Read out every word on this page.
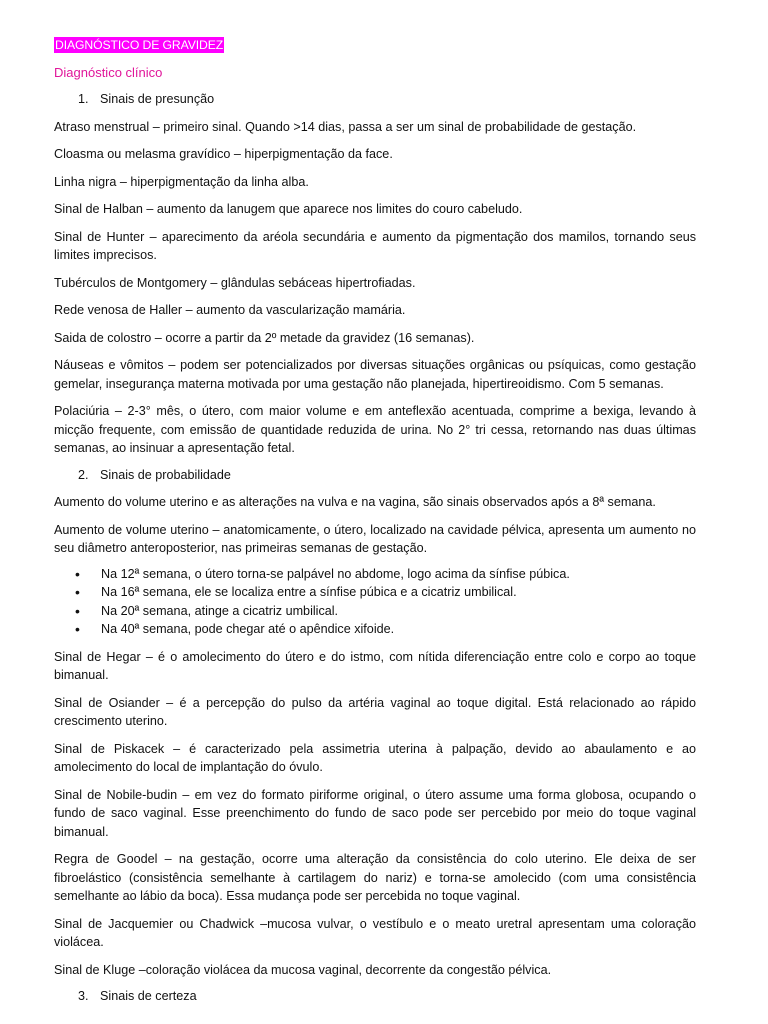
DIAGNÓSTICO DE GRAVIDEZ
Diagnóstico clínico
1. Sinais de presunção
Atraso menstrual – primeiro sinal. Quando >14 dias, passa a ser um sinal de probabilidade de gestação.
Cloasma ou melasma gravídico – hiperpigmentação da face.
Linha nigra – hiperpigmentação da linha alba.
Sinal de Halban – aumento da lanugem que aparece nos limites do couro cabeludo.
Sinal de Hunter – aparecimento da aréola secundária e aumento da pigmentação dos mamilos, tornando seus limites imprecisos.
Tubérculos de Montgomery – glândulas sebáceas hipertrofiadas.
Rede venosa de Haller – aumento da vascularização mamária.
Saida de colostro – ocorre a partir da 2º metade da gravidez (16 semanas).
Náuseas e vômitos – podem ser potencializados por diversas situações orgânicas ou psíquicas, como gestação gemelar, insegurança materna motivada por uma gestação não planejada, hipertireoidismo. Com 5 semanas.
Polaciúria – 2-3° mês, o útero, com maior volume e em anteflexão acentuada, comprime a bexiga, levando à micção frequente, com emissão de quantidade reduzida de urina. No 2° tri cessa, retornando nas duas últimas semanas, ao insinuar a apresentação fetal.
2. Sinais de probabilidade
Aumento do volume uterino e as alterações na vulva e na vagina, são sinais observados após a 8ª semana.
Aumento de volume uterino – anatomicamente, o útero, localizado na cavidade pélvica, apresenta um aumento no seu diâmetro anteroposterior, nas primeiras semanas de gestação.
• Na 12ª semana, o útero torna-se palpável no abdome, logo acima da sínfise púbica.
• Na 16ª semana, ele se localiza entre a sínfise púbica e a cicatriz umbilical.
• Na 20ª semana, atinge a cicatriz umbilical.
• Na 40ª semana, pode chegar até o apêndice xifoide.
Sinal de Hegar – é o amolecimento do útero e do istmo, com nítida diferenciação entre colo e corpo ao toque bimanual.
Sinal de Osiander – é a percepção do pulso da artéria vaginal ao toque digital. Está relacionado ao rápido crescimento uterino.
Sinal de Piskacek – é caracterizado pela assimetria uterina à palpação, devido ao abaulamento e ao amolecimento do local de implantação do óvulo.
Sinal de Nobile-budin – em vez do formato piriforme original, o útero assume uma forma globosa, ocupando o fundo de saco vaginal. Esse preenchimento do fundo de saco pode ser percebido por meio do toque vaginal bimanual.
Regra de Goodel – na gestação, ocorre uma alteração da consistência do colo uterino. Ele deixa de ser fibroelástico (consistência semelhante à cartilagem do nariz) e torna-se amolecido (com uma consistência semelhante ao lábio da boca). Essa mudança pode ser percebida no toque vaginal.
Sinal de Jacquemier ou Chadwick –mucosa vulvar, o vestíbulo e o meato uretral apresentam uma coloração violácea.
Sinal de Kluge –coloração violácea da mucosa vaginal, decorrente da congestão pélvica.
3. Sinais de certeza
